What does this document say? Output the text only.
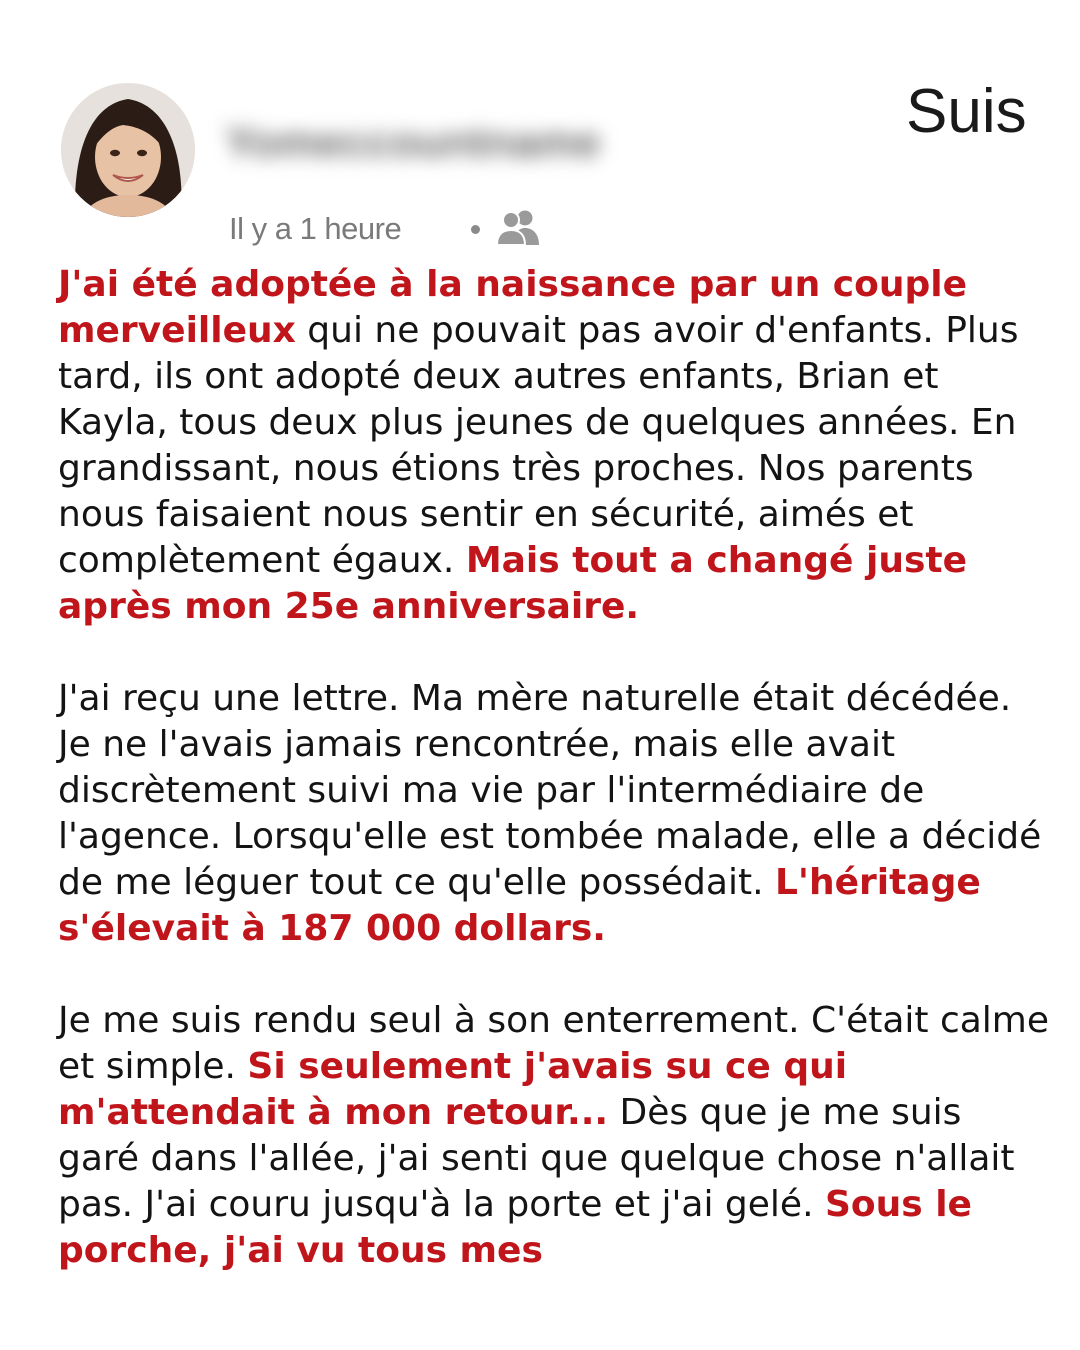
Yomeccountname	Suis
Il y a 1 heure

J'ai été adoptée à la naissance par un couple merveilleux qui ne pouvait pas avoir d'enfants. Plus tard, ils ont adopté deux autres enfants, Brian et Kayla, tous deux plus jeunes de quelques années. En grandissant, nous étions très proches. Nos parents nous faisaient nous sentir en sécurité, aimés et complètement égaux. Mais tout a changé juste après mon 25e anniversaire.

J'ai reçu une lettre. Ma mère naturelle était décédée. Je ne l'avais jamais rencontrée, mais elle avait discrètement suivi ma vie par l'intermédiaire de l'agence. Lorsqu'elle est tombée malade, elle a décidé de me léguer tout ce qu'elle possédait. L'héritage s'élevait à 187 000 dollars.

Je me suis rendu seul à son enterrement. C'était calme et simple. Si seulement j'avais su ce qui m'attendait à mon retour... Dès que je me suis garé dans l'allée, j'ai senti que quelque chose n'allait pas. J'ai couru jusqu'à la porte et j'ai gelé. Sous le porche, j'ai vu tous mes
